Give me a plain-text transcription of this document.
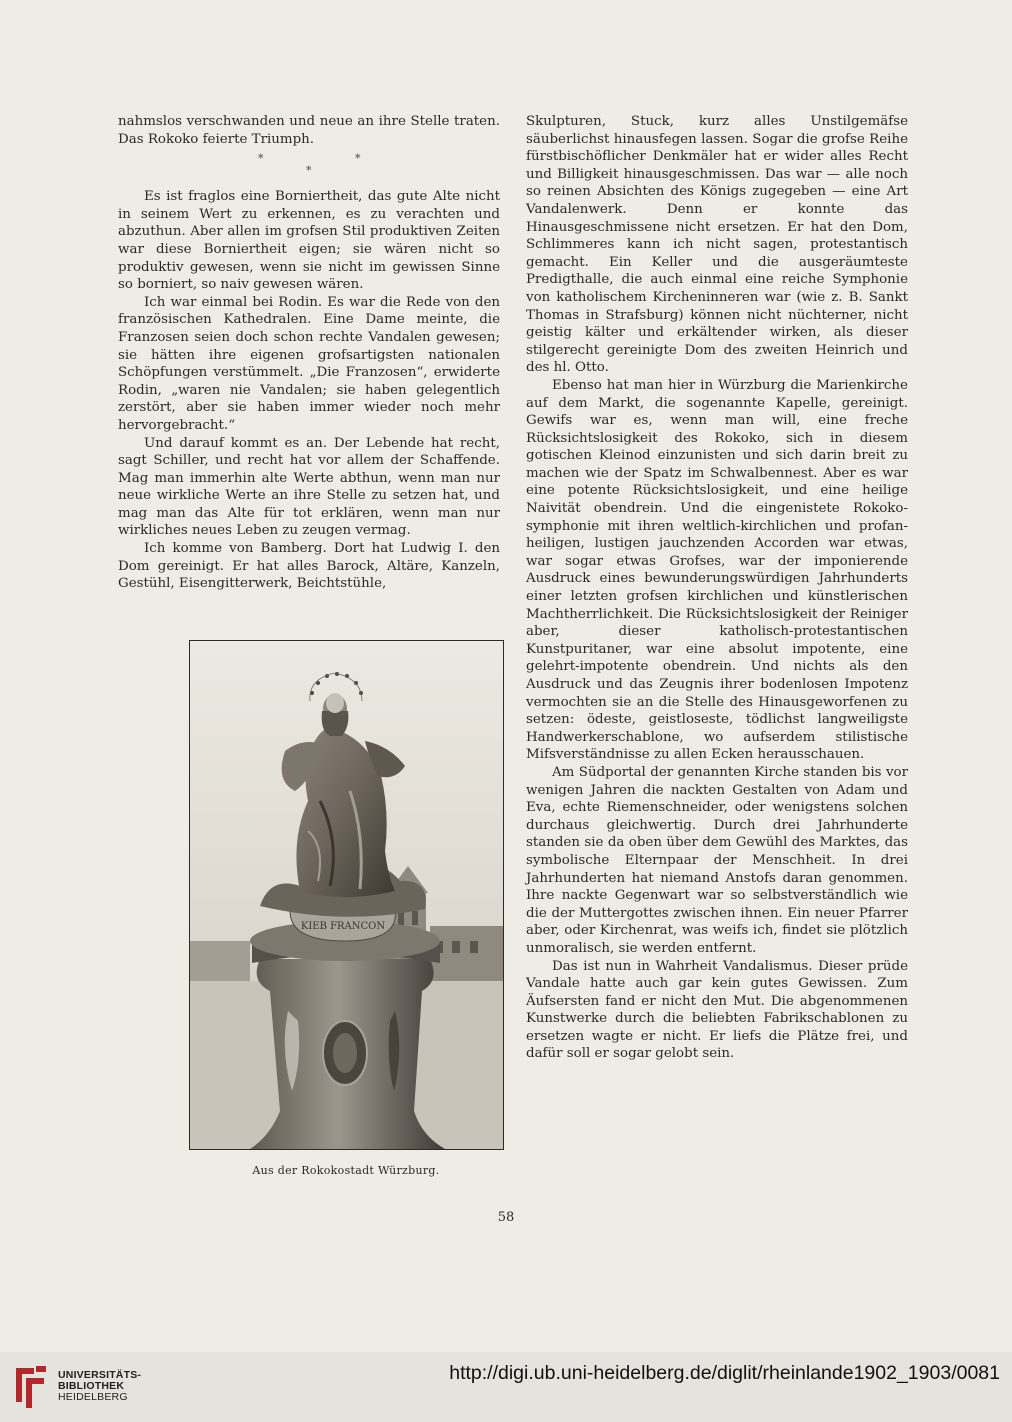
nahmslos verschwanden und neue an ihre Stelle traten. Das Rokoko feierte Triumph.

*	*
*

Es ist fraglos eine Borniertheit, das gute Alte nicht in seinem Wert zu erkennen, es zu verachten und abzuthun. Aber allen im grofsen Stil produktiven Zeiten war diese Borniertheit eigen; sie wären nicht so produktiv gewesen, wenn sie nicht im gewissen Sinne so borniert, so naiv gewesen wären.

Ich war einmal bei Rodin. Es war die Rede von den französischen Kathedralen. Eine Dame meinte, die Franzosen seien doch schon rechte Vandalen gewesen; sie hätten ihre eigenen grofsartigsten nationalen Schöpfungen verstümmelt. „Die Franzosen“, erwiderte Rodin, „waren nie Vandalen; sie haben gelegentlich zerstört, aber sie haben immer wieder noch mehr hervorgebracht.“

Und darauf kommt es an. Der Lebende hat recht, sagt Schiller, und recht hat vor allem der Schaffende. Mag man immerhin alte Werte abthun, wenn man nur neue wirkliche Werte an ihre Stelle zu setzen hat, und mag man das Alte für tot erklären, wenn man nur wirkliches neues Leben zu zeugen vermag.

Ich komme von Bamberg. Dort hat Ludwig I. den Dom gereinigt. Er hat alles Barock, Altäre, Kanzeln, Gestühl, Eisengitterwerk, Beichtstühle,

Skulpturen, Stuck, kurz alles Unstilgemäfse säuberlichst hinausfegen lassen. Sogar die grofse Reihe fürstbischöflicher Denkmäler hat er wider alles Recht und Billigkeit hinausgeschmissen. Das war — alle noch so reinen Absichten des Königs zugegeben — eine Art Vandalenwerk. Denn er konnte das Hinausgeschmissene nicht ersetzen. Er hat den Dom, Schlimmeres kann ich nicht sagen, protestantisch gemacht. Ein Keller und die ausgeräumteste Predigthalle, die auch einmal eine reiche Symphonie von katholischem Kircheninneren war (wie z. B. Sankt Thomas in Strafsburg) können nicht nüchterner, nicht geistig kälter und erkältender wirken, als dieser stilgerecht gereinigte Dom des zweiten Heinrich und des hl. Otto.

Ebenso hat man hier in Würzburg die Marienkirche auf dem Markt, die sogenannte Kapelle, gereinigt. Gewifs war es, wenn man will, eine freche Rücksichtslosigkeit des Rokoko, sich in diesem gotischen Kleinod einzunisten und sich darin breit zu machen wie der Spatz im Schwalbennest. Aber es war eine potente Rücksichtslosigkeit, und eine heilige Naivität obendrein. Und die eingenistete Rokoko-symphonie mit ihren weltlich-kirchlichen und profan-heiligen, lustigen jauchzenden Accorden war etwas, war sogar etwas Grofses, war der imponierende Ausdruck eines bewunderungswürdigen Jahrhunderts einer letzten grofsen kirchlichen und künstlerischen Machtherrlichkeit. Die Rücksichtslosigkeit der Reiniger aber, dieser katholisch-protestantischen Kunstpuritaner, war eine absolut impotente, eine gelehrt-impotente obendrein. Und nichts als den Ausdruck und das Zeugnis ihrer bodenlosen Impotenz vermochten sie an die Stelle des Hinausgeworfenen zu setzen: ödeste, geistloseste, tödlichst langweiligste Handwerkerschablone, wo aufserdem stilistische Mifsverständnisse zu allen Ecken herausschauen.

Am Südportal der genannten Kirche standen bis vor wenigen Jahren die nackten Gestalten von Adam und Eva, echte Riemenschneider, oder wenigstens solchen durchaus gleichwertig. Durch drei Jahrhunderte standen sie da oben über dem Gewühl des Marktes, das symbolische Elternpaar der Menschheit. In drei Jahrhunderten hat niemand Anstofs daran genommen. Ihre nackte Gegenwart war so selbstverständlich wie die der Muttergottes zwischen ihnen. Ein neuer Pfarrer aber, oder Kirchenrat, was weifs ich, findet sie plötzlich unmoralisch, sie werden entfernt.

Das ist nun in Wahrheit Vandalismus. Dieser prüde Vandale hatte auch gar kein gutes Gewissen. Zum Äufsersten fand er nicht den Mut. Die abgenommenen Kunstwerke durch die beliebten Fabrikschablonen zu ersetzen wagte er nicht. Er liefs die Plätze frei, und dafür soll er sogar gelobt sein.

KIEB FRANCON
Aus der Rokokostadt Würzburg.
58
UNIVERSITÄTS-
BIBLIOTHEK
HEIDELBERG
http://digi.ub.uni-heidelberg.de/diglit/rheinlande1902_1903/0081
